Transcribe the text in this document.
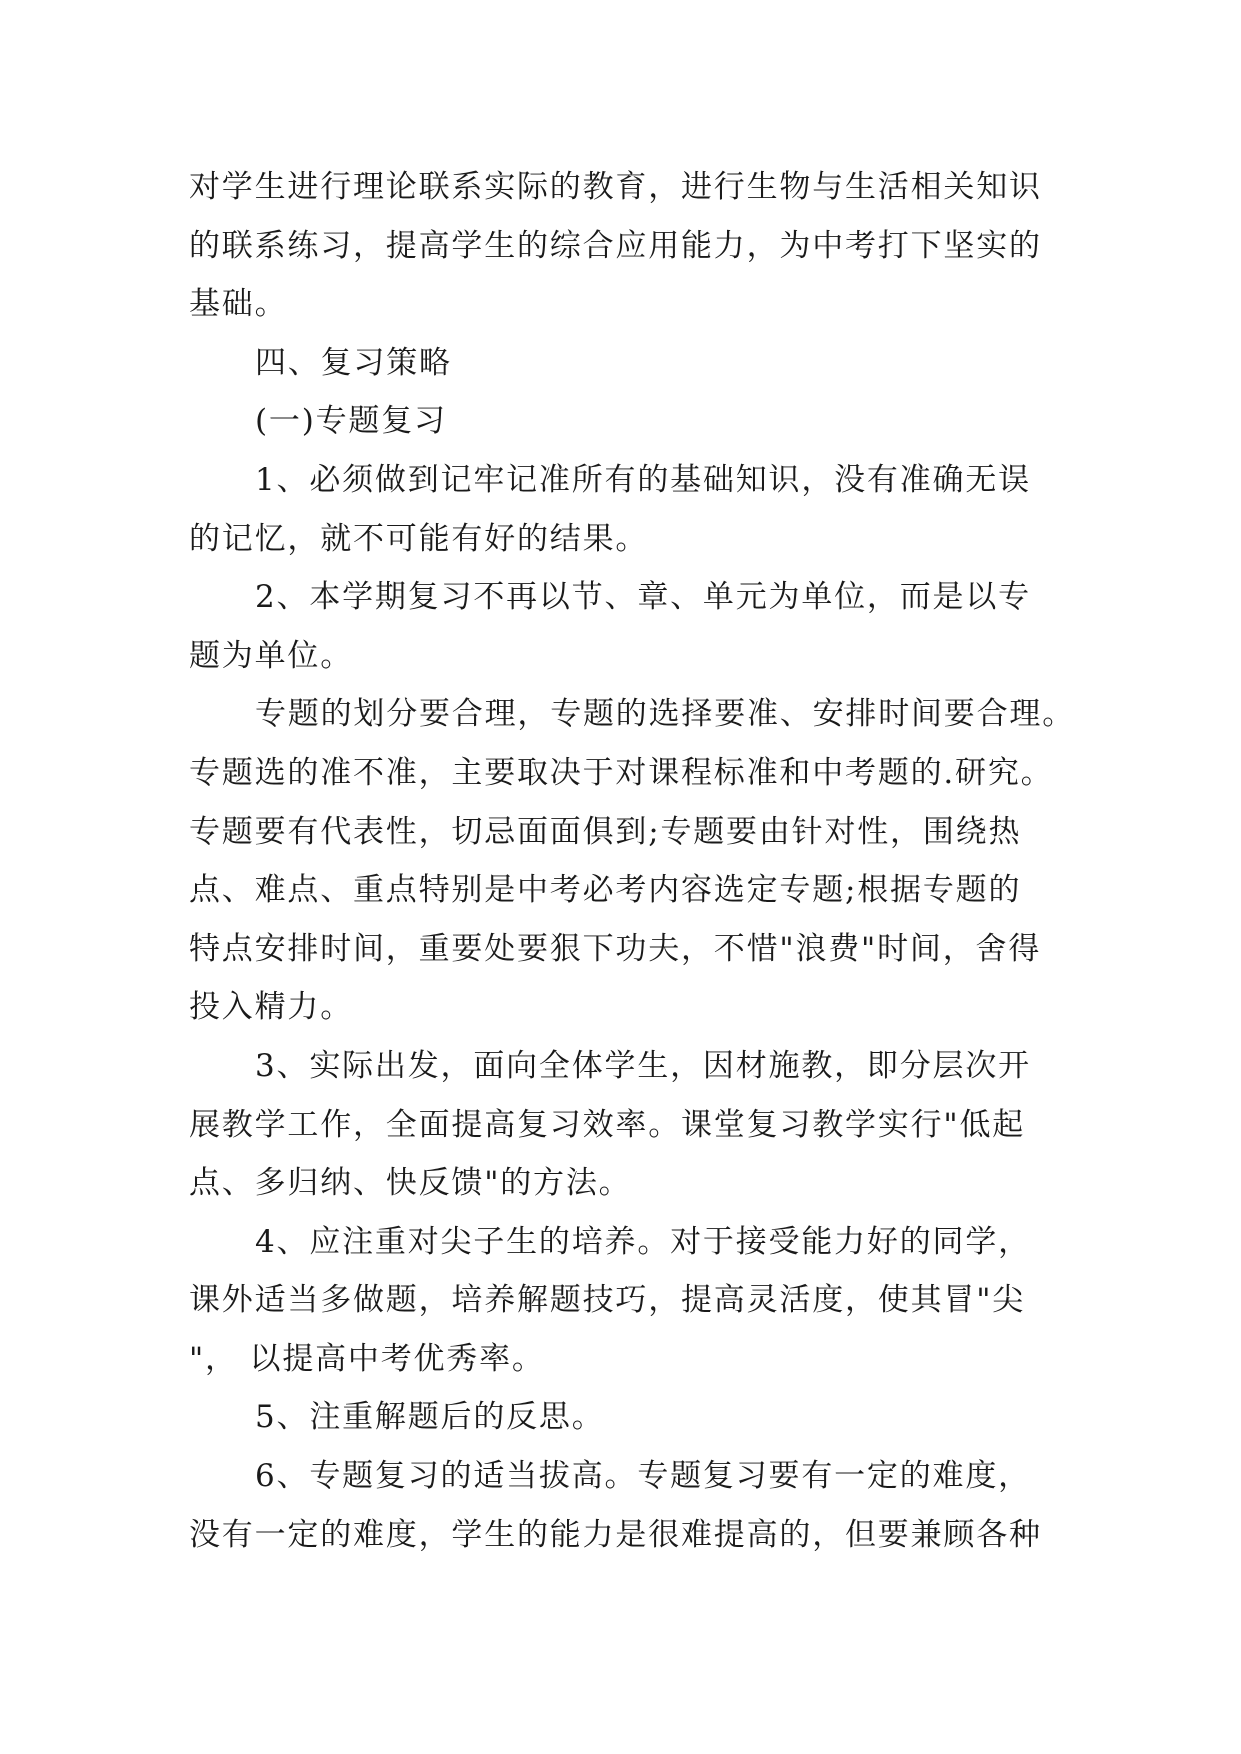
对学生进行理论联系实际的教育，进行生物与生活相关知识
的联系练习，提高学生的综合应用能力，为中考打下坚实的
基础。

四、复习策略

(一)专题复习

1、必须做到记牢记准所有的基础知识，没有准确无误
的记忆，就不可能有好的结果。

2、本学期复习不再以节、章、单元为单位，而是以专
题为单位。

专题的划分要合理，专题的选择要准、安排时间要合理。
专题选的准不准，主要取决于对课程标准和中考题的.研究。
专题要有代表性，切忌面面俱到;专题要由针对性，围绕热
点、难点、重点特别是中考必考内容选定专题;根据专题的
特点安排时间，重要处要狠下功夫，不惜"浪费"时间，舍得
投入精力。

3、实际出发，面向全体学生，因材施教，即分层次开
展教学工作，全面提高复习效率。课堂复习教学实行"低起
点、多归纳、快反馈"的方法。

4、应注重对尖子生的培养。对于接受能力好的同学，
课外适当多做题，培养解题技巧，提高灵活度，使其冒"尖
"， 以提高中考优秀率。

5、注重解题后的反思。

6、专题复习的适当拔高。专题复习要有一定的难度，
没有一定的难度，学生的能力是很难提高的，但要兼顾各种
